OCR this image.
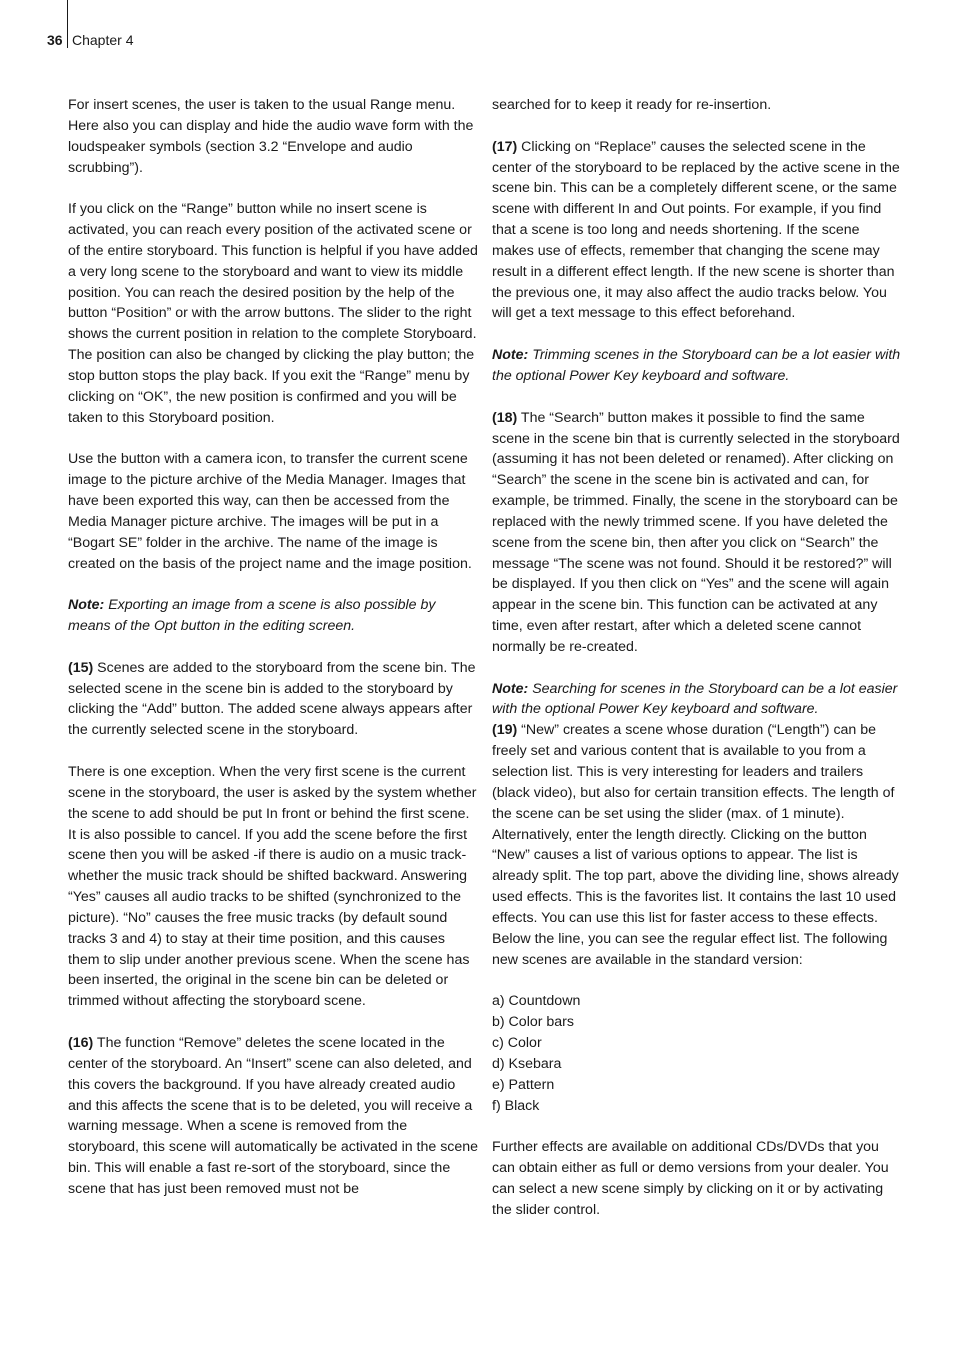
36 Chapter 4

For insert scenes, the user is taken to the usual Range menu. Here also you can display and hide the audio wave form with the loudspeaker symbols (section 3.2 “Envelope and audio scrubbing”).

If you click on the “Range” button while no insert scene is activated, you can reach every position of the activated scene or of the entire storyboard. This function is helpful if you have added a very long scene to the storyboard and want to view its middle position. You can reach the desired position by the help of the button “Position” or with the arrow buttons. The slider to the right shows the current position in relation to the complete Storyboard. The position can also be changed by clicking the play button; the stop button stops the play back. If you exit the “Range” menu by clicking on “OK”, the new position is confirmed and you will be taken to this Storyboard position.

Use the button with a camera icon, to transfer the current scene image to the picture archive of the Media Manager. Images that have been exported this way, can then be accessed from the Media Manager picture archive. The images will be put in a “Bogart SE” folder in the archive. The name of the image is created on the basis of the project name and the image position.

Note: Exporting an image from a scene is also possible by means of the Opt button in the editing screen.

(15) Scenes are added to the storyboard from the scene bin. The selected scene in the scene bin is added to the storyboard by clicking the “Add” button. The added scene always appears after the currently selected scene in the storyboard.

There is one exception. When the very first scene is the current scene in the storyboard, the user is asked by the system whether the scene to add should be put In front or behind the first scene. It is also possible to cancel. If you add the scene before the first scene then you will be asked -if there is audio on a music track- whether the music track should be shifted backward. Answering “Yes” causes all audio tracks to be shifted (synchronized to the picture). “No” causes the free music tracks (by default sound tracks 3 and 4) to stay at their time position, and this causes them to slip under another previous scene. When the scene has been inserted, the original in the scene bin can be deleted or trimmed without affecting the storyboard scene.

(16) The function “Remove” deletes the scene located in the center of the storyboard. An “Insert” scene can also deleted, and this covers the background. If you have already created audio and this affects the scene that is to be deleted, you will receive a warning message. When a scene is removed from the storyboard, this scene will automatically be activated in the scene bin. This will enable a fast re-sort of the storyboard, since the scene that has just been removed must not be

searched for to keep it ready for re-insertion.

(17) Clicking on “Replace” causes the selected scene in the center of the storyboard to be replaced by the active scene in the scene bin. This can be a completely different scene, or the same scene with different In and Out points. For example, if you find that a scene is too long and needs shortening. If the scene makes use of effects, remember that changing the scene may result in a different effect length. If the new scene is shorter than the previous one, it may also affect the audio tracks below. You will get a text message to this effect beforehand.

Note: Trimming scenes in the Storyboard can be a lot easier with the optional Power Key keyboard and software.

(18) The “Search” button makes it possible to find the same scene in the scene bin that is currently selected in the storyboard (assuming it has not been deleted or renamed). After clicking on “Search” the scene in the scene bin is activated and can, for example, be trimmed. Finally, the scene in the storyboard can be replaced with the newly trimmed scene. If you have deleted the scene from the scene bin, then after you click on “Search” the message “The scene was not found. Should it be restored?” will be displayed. If you then click on “Yes” and the scene will again appear in the scene bin. This function can be activated at any time, even after restart, after which a deleted scene cannot normally be re-created.

Note: Searching for scenes in the Storyboard can be a lot easier with the optional Power Key keyboard and software.

(19) “New” creates a scene whose duration (“Length”) can be freely set and various content that is available to you from a selection list. This is very interesting for leaders and trailers (black video), but also for certain transition effects. The length of the scene can be set using the slider (max. of 1 minute). Alternatively, enter the length directly. Clicking on the button “New” causes a list of various options to appear. The list is already split. The top part, above the dividing line, shows already used effects. This is the favorites list. It contains the last 10 used effects. You can use this list for faster access to these effects. Below the line, you can see the regular effect list. The following new scenes are available in the standard version:

a) Countdown
b) Color bars
c) Color
d) Ksebara
e) Pattern
f) Black

Further effects are available on additional CDs/DVDs that you can obtain either as full or demo versions from your dealer. You can select a new scene simply by clicking on it or by activating the slider control.
